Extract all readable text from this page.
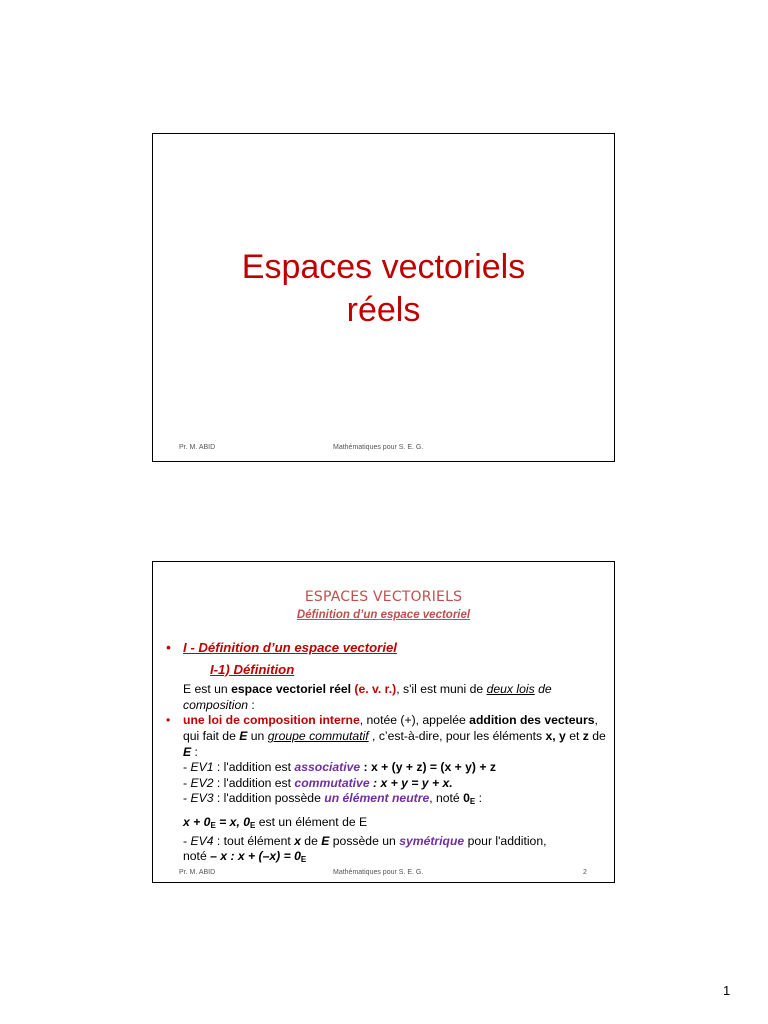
Espaces vectoriels
réels
Pr. M. ABID	Mathématiques pour S. E. G.
ESPACES VECTORIELS
Définition d’un espace vectoriel
• I - Définition d’un espace vectoriel
I-1) Définition
E est un espace vectoriel réel (e. v. r.), s'il est muni de deux lois de composition :
• une loi de composition interne, notée (+), appelée addition des vecteurs, qui fait de E un groupe commutatif , c’est-à-dire, pour les éléments x, y et z de E :
- EV1 : l'addition est associative : x + (y + z) = (x + y) + z
- EV2 : l'addition est commutative : x + y = y + x.
- EV3 : l'addition possède un élément neutre, noté $0_E$ :
$x + 0_E = x$, $0_E$ est un élément de E
- EV4 : tout élément x de E possède un symétrique pour l'addition,
noté – x : $x + (-x) = 0_E$
Pr. M. ABID	Mathématiques pour S. E. G.	2
1
